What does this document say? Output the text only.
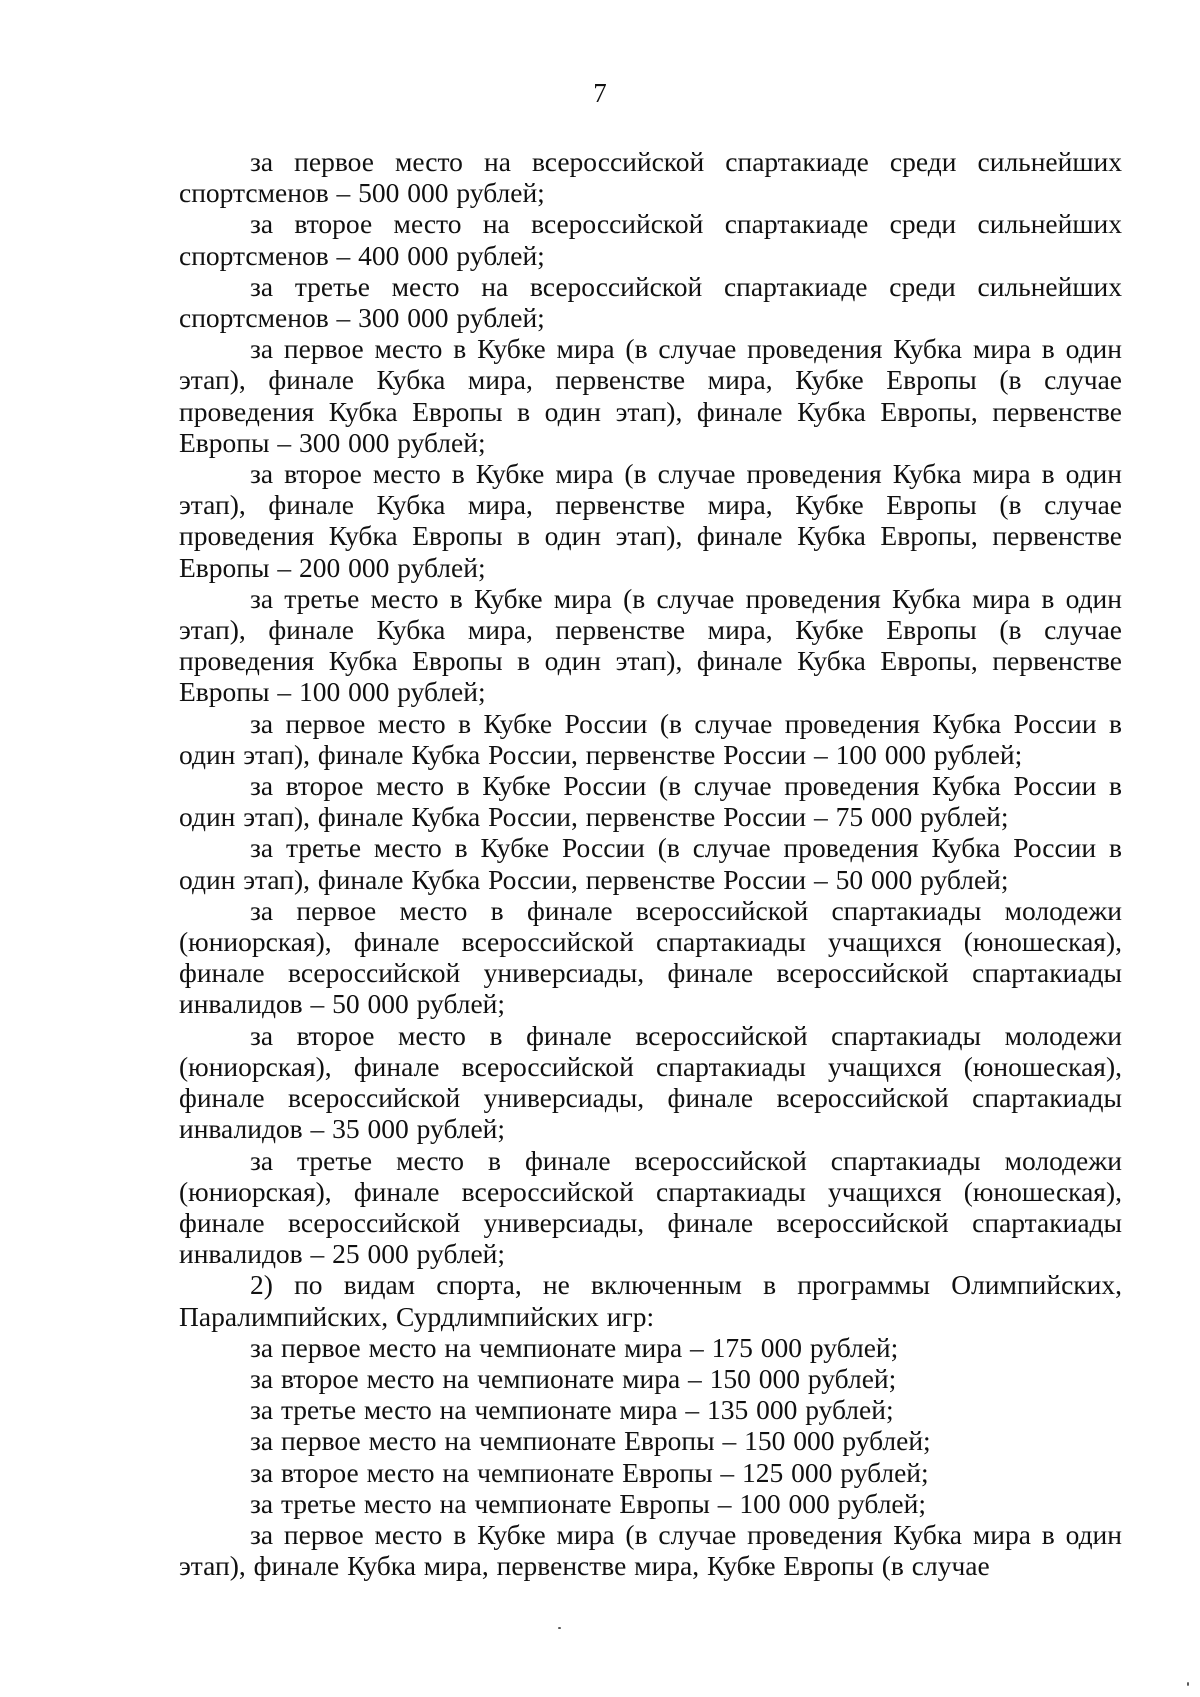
7

за первое место на всероссийской спартакиаде среди сильнейших спортсменов – 500 000 рублей;

за второе место на всероссийской спартакиаде среди сильнейших спортсменов – 400 000 рублей;

за третье место на всероссийской спартакиаде среди сильнейших спортсменов – 300 000 рублей;

за первое место в Кубке мира (в случае проведения Кубка мира в один этап), финале Кубка мира, первенстве мира, Кубке Европы (в случае проведения Кубка Европы в один этап), финале Кубка Европы, первенстве Европы – 300 000 рублей;

за второе место в Кубке мира (в случае проведения Кубка мира в один этап), финале Кубка мира, первенстве мира, Кубке Европы (в случае проведения Кубка Европы в один этап), финале Кубка Европы, первенстве Европы – 200 000 рублей;

за третье место в Кубке мира (в случае проведения Кубка мира в один этап), финале Кубка мира, первенстве мира, Кубке Европы (в случае проведения Кубка Европы в один этап), финале Кубка Европы, первенстве Европы – 100 000 рублей;

за первое место в Кубке России (в случае проведения Кубка России в один этап), финале Кубка России, первенстве России – 100 000 рублей;

за второе место в Кубке России (в случае проведения Кубка России в один этап), финале Кубка России, первенстве России – 75 000 рублей;

за третье место в Кубке России (в случае проведения Кубка России в один этап), финале Кубка России, первенстве России – 50 000 рублей;

за первое место в финале всероссийской спартакиады молодежи (юниорская), финале всероссийской спартакиады учащихся (юношеская), финале всероссийской универсиады, финале всероссийской спартакиады инвалидов – 50 000 рублей;

за второе место в финале всероссийской спартакиады молодежи (юниорская), финале всероссийской спартакиады учащихся (юношеская), финале всероссийской универсиады, финале всероссийской спартакиады инвалидов – 35 000 рублей;

за третье место в финале всероссийской спартакиады молодежи (юниорская), финале всероссийской спартакиады учащихся (юношеская), финале всероссийской универсиады, финале всероссийской спартакиады инвалидов – 25 000 рублей;

2) по видам спорта, не включенным в программы Олимпийских, Паралимпийских, Сурдлимпийских игр:

за первое место на чемпионате мира – 175 000 рублей;

за второе место на чемпионате мира – 150 000 рублей;

за третье место на чемпионате мира – 135 000 рублей;

за первое место на чемпионате Европы – 150 000 рублей;

за второе место на чемпионате Европы – 125 000 рублей;

за третье место на чемпионате Европы – 100 000 рублей;

за первое место в Кубке мира (в случае проведения Кубка мира в один этап), финале Кубка мира, первенстве мира, Кубке Европы (в случае
